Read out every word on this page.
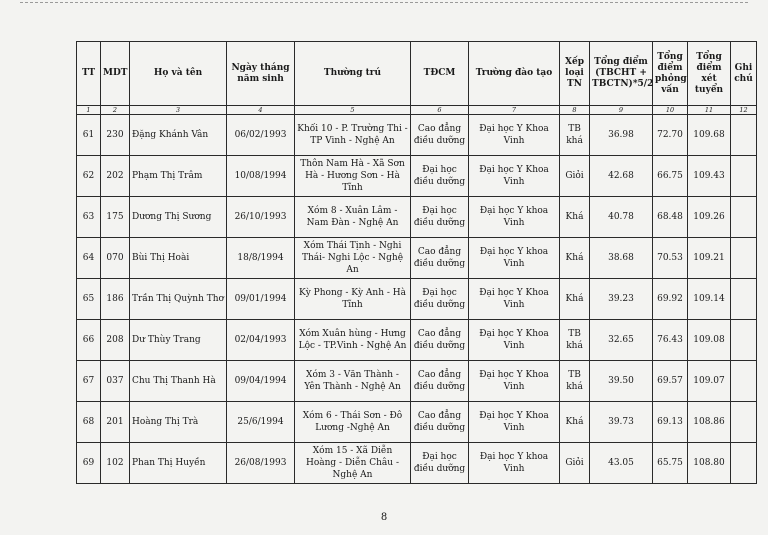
TT	MDT	Họ và tên	Ngày tháng năm sinh	Thường trú	TĐCM	Trường đào tạo	Xếp loại TN	Tổng điểm (TBCHT + TBCTN)*5/2	Tổng điểm phỏng vấn	Tổng điểm xét tuyển	Ghi chú
1	2	3	4	5	6	7	8	9	10	11	12
61	230	Đặng Khánh Vân	06/02/1993	Khối 10 - P. Trường Thi - TP Vinh - Nghệ An	Cao đẳng điều dưỡng	Đại học Y Khoa Vinh	TB khá	36.98	72.70	109.68	
62	202	Phạm Thị Trâm	10/08/1994	Thôn Nam Hà - Xã Sơn Hà - Hương Sơn - Hà Tĩnh	Đại học điều dưỡng	Đại học Y Khoa Vinh	Giỏi	42.68	66.75	109.43	
63	175	Dương Thị Sương	26/10/1993	Xóm 8 - Xuân Lâm - Nam Đàn - Nghệ An	Đại học điều dưỡng	Đại học Y khoa Vinh	Khá	40.78	68.48	109.26	
64	070	Bùi Thị Hoài	18/8/1994	Xóm Thái Tịnh - Nghi Thái- Nghi Lộc - Nghệ An	Cao đẳng điều dưỡng	Đại học Y khoa Vinh	Khá	38.68	70.53	109.21	
65	186	Trần Thị Quỳnh Thơ	09/01/1994	Kỳ Phong - Kỳ Anh - Hà Tĩnh	Đại học điều dưỡng	Đại học Y Khoa Vinh	Khá	39.23	69.92	109.14	
66	208	Dư Thùy Trang	02/04/1993	Xóm Xuân hùng - Hưng Lộc - TP.Vinh - Nghệ An	Cao đẳng điều dưỡng	Đại học Y Khoa Vinh	TB khá	32.65	76.43	109.08	
67	037	Chu Thị Thanh Hà	09/04/1994	Xóm 3 - Văn Thành - Yên Thành - Nghệ An	Cao đẳng điều dưỡng	Đại học Y Khoa Vinh	TB khá	39.50	69.57	109.07	
68	201	Hoàng Thị Trà	25/6/1994	Xóm 6 - Thái Sơn - Đô Lương -Nghệ An	Cao đẳng điều dưỡng	Đại học Y Khoa Vinh	Khá	39.73	69.13	108.86	
69	102	Phan Thị Huyền	26/08/1993	Xóm 15 - Xã Diễn Hoàng - Diễn Châu - Nghệ An	Đại học điều dưỡng	Đại học Y khoa Vinh	Giỏi	43.05	65.75	108.80	
8
